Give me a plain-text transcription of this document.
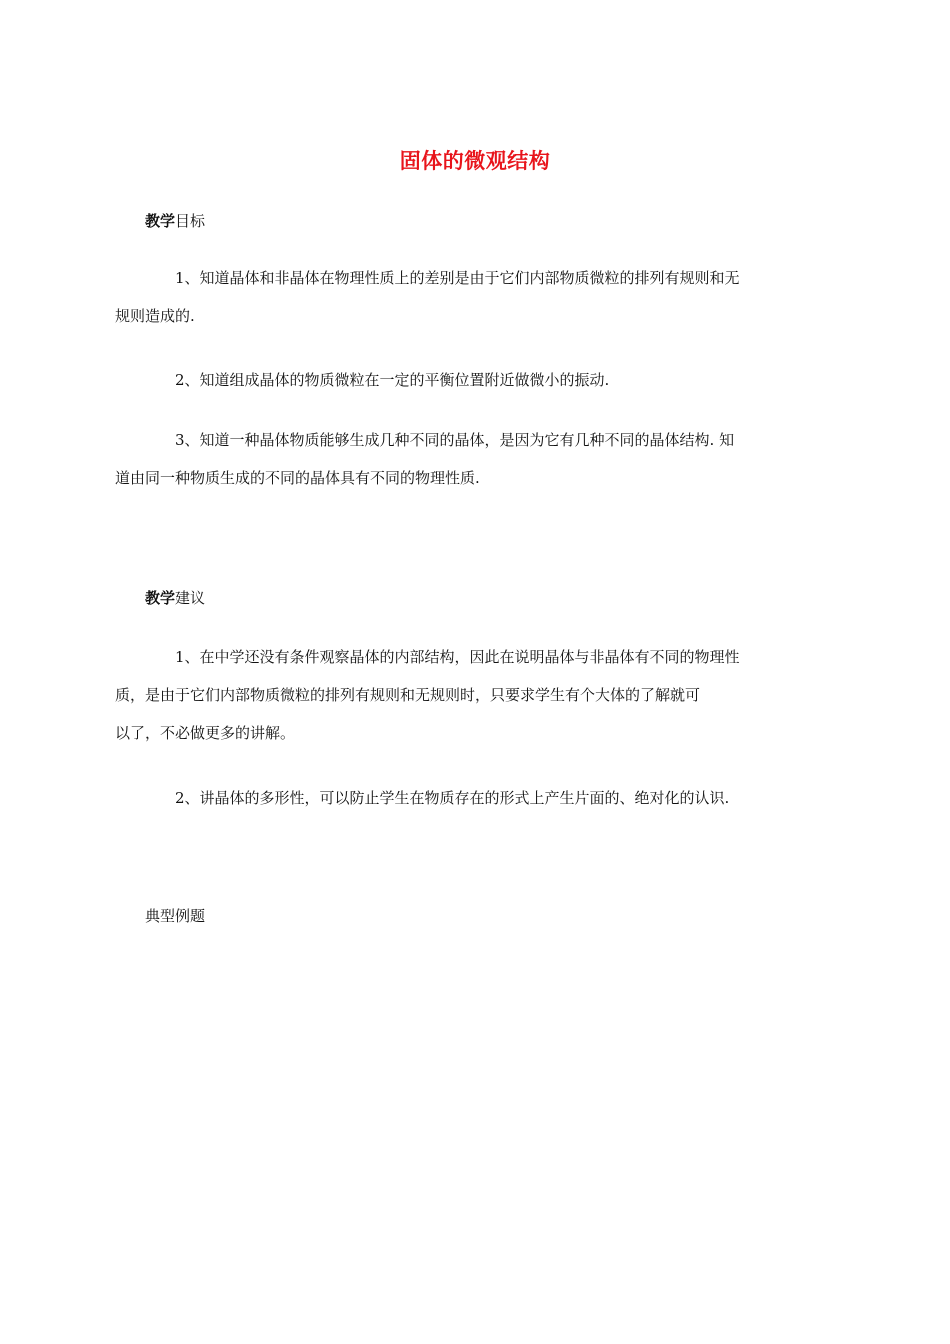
固体的微观结构
教学目标
1、知道晶体和非晶体在物理性质上的差别是由于它们内部物质微粒的排列有规则和无
规则造成的.
2、知道组成晶体的物质微粒在一定的平衡位置附近做微小的振动.
3、知道一种晶体物质能够生成几种不同的晶体，是因为它有几种不同的晶体结构. 知
道由同一种物质生成的不同的晶体具有不同的物理性质.
教学建议
1、在中学还没有条件观察晶体的内部结构，因此在说明晶体与非晶体有不同的物理性
质，是由于它们内部物质微粒的排列有规则和无规则时，只要求学生有个大体的了解就可
以了，不必做更多的讲解。
2、讲晶体的多形性，可以防止学生在物质存在的形式上产生片面的、绝对化的认识.
典型例题
